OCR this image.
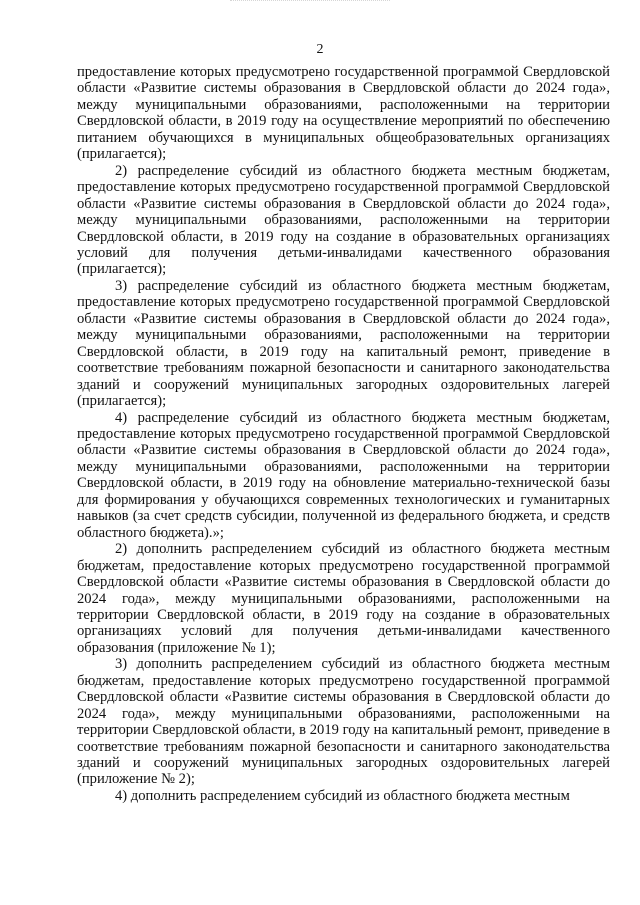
2

предоставление которых предусмотрено государственной программой Свердловской области «Развитие системы образования в Свердловской области до 2024 года», между муниципальными образованиями, расположенными на территории Свердловской области, в 2019 году на осуществление мероприятий по обеспечению питанием обучающихся в муниципальных общеобразовательных организациях (прилагается);

2) распределение субсидий из областного бюджета местным бюджетам, предоставление которых предусмотрено государственной программой Свердловской области «Развитие системы образования в Свердловской области до 2024 года», между муниципальными образованиями, расположенными на территории Свердловской области, в 2019 году на создание в образовательных организациях условий для получения детьми-инвалидами качественного образования (прилагается);

3) распределение субсидий из областного бюджета местным бюджетам, предоставление которых предусмотрено государственной программой Свердловской области «Развитие системы образования в Свердловской области до 2024 года», между муниципальными образованиями, расположенными на территории Свердловской области, в 2019 году на капитальный ремонт, приведение в соответствие требованиям пожарной безопасности и санитарного законодательства зданий и сооружений муниципальных загородных оздоровительных лагерей (прилагается);

4) распределение субсидий из областного бюджета местным бюджетам, предоставление которых предусмотрено государственной программой Свердловской области «Развитие системы образования в Свердловской области до 2024 года», между муниципальными образованиями, расположенными на территории Свердловской области, в 2019 году на обновление материально-технической базы для формирования у обучающихся современных технологических и гуманитарных навыков (за счет средств субсидии, полученной из федерального бюджета, и средств областного бюджета).»;

2) дополнить распределением субсидий из областного бюджета местным бюджетам, предоставление которых предусмотрено государственной программой Свердловской области «Развитие системы образования в Свердловской области до 2024 года», между муниципальными образованиями, расположенными на территории Свердловской области, в 2019 году на создание в образовательных организациях условий для получения детьми-инвалидами качественного образования (приложение № 1);

3) дополнить распределением субсидий из областного бюджета местным бюджетам, предоставление которых предусмотрено государственной программой Свердловской области «Развитие системы образования в Свердловской области до 2024 года», между муниципальными образованиями, расположенными на территории Свердловской области, в 2019 году на капитальный ремонт, приведение в соответствие требованиям пожарной безопасности и санитарного законодательства зданий и сооружений муниципальных загородных оздоровительных лагерей (приложение № 2);

4) дополнить распределением субсидий из областного бюджета местным
